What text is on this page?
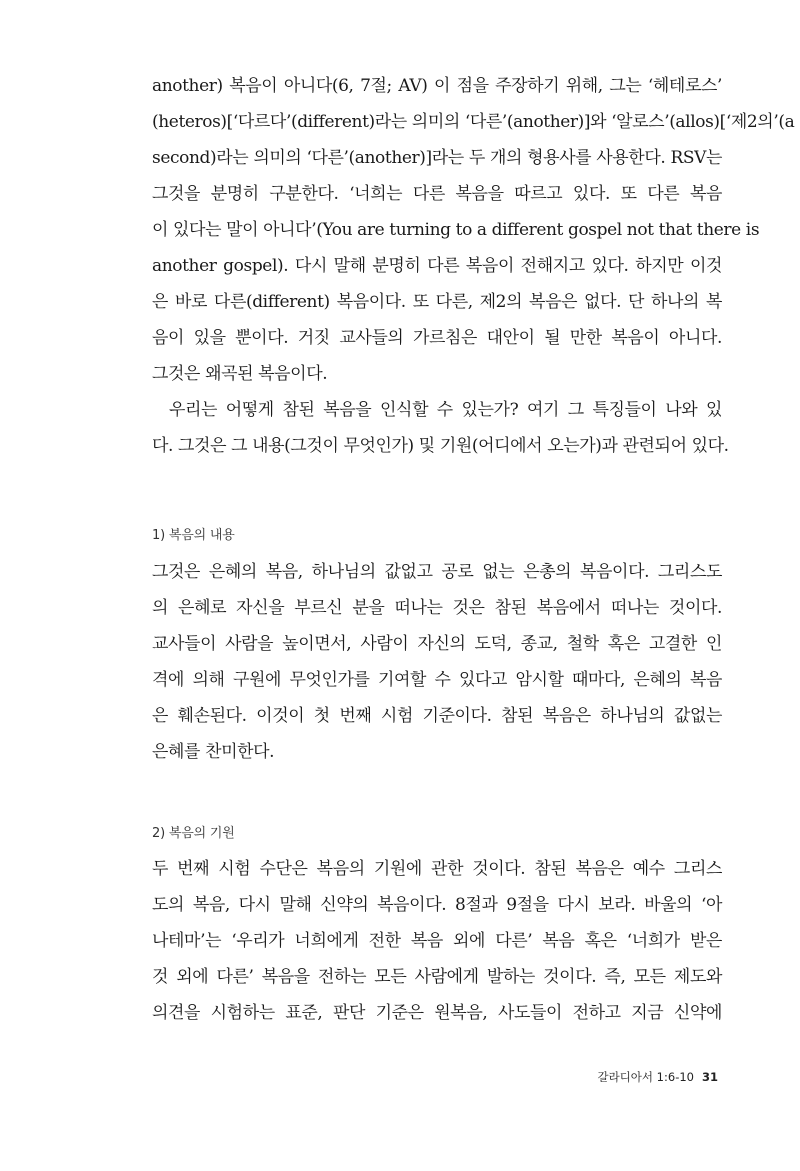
another) 복음이 아니다(6, 7절; AV) 이 점을 주장하기 위해, 그는 ‘헤테로스’
(heteros)[‘다르다’(different)라는 의미의 ‘다른’(another)]와 ‘알로스’(allos)[‘제2의’(a
second)라는 의미의 ‘다른’(another)]라는 두 개의 형용사를 사용한다. RSV는
그것을 분명히 구분한다. ‘너희는 다른 복음을 따르고 있다. 또 다른 복음
이 있다는 말이 아니다’(You are turning to a different gospel not that there is
another gospel). 다시 말해 분명히 다른 복음이 전해지고 있다. 하지만 이것
은 바로 다른(different) 복음이다. 또 다른, 제2의 복음은 없다. 단 하나의 복
음이 있을 뿐이다. 거짓 교사들의 가르침은 대안이 될 만한 복음이 아니다.
그것은 왜곡된 복음이다.

우리는 어떻게 참된 복음을 인식할 수 있는가? 여기 그 특징들이 나와 있
다. 그것은 그 내용(그것이 무엇인가) 및 기원(어디에서 오는가)과 관련되어 있다.

1) 복음의 내용

그것은 은혜의 복음, 하나님의 값없고 공로 없는 은총의 복음이다. 그리스도
의 은혜로 자신을 부르신 분을 떠나는 것은 참된 복음에서 떠나는 것이다.
교사들이 사람을 높이면서, 사람이 자신의 도덕, 종교, 철학 혹은 고결한 인
격에 의해 구원에 무엇인가를 기여할 수 있다고 암시할 때마다, 은혜의 복음
은 훼손된다. 이것이 첫 번째 시험 기준이다. 참된 복음은 하나님의 값없는
은혜를 찬미한다.

2) 복음의 기원

두 번째 시험 수단은 복음의 기원에 관한 것이다. 참된 복음은 예수 그리스
도의 복음, 다시 말해 신약의 복음이다. 8절과 9절을 다시 보라. 바울의 ‘아
나테마’는 ‘우리가 너희에게 전한 복음 외에 다른’ 복음 혹은 ‘너희가 받은
것 외에 다른’ 복음을 전하는 모든 사람에게 발하는 것이다. 즉, 모든 제도와
의견을 시험하는 표준, 판단 기준은 원복음, 사도들이 전하고 지금 신약에

갈라디아서 1:6-10 31
